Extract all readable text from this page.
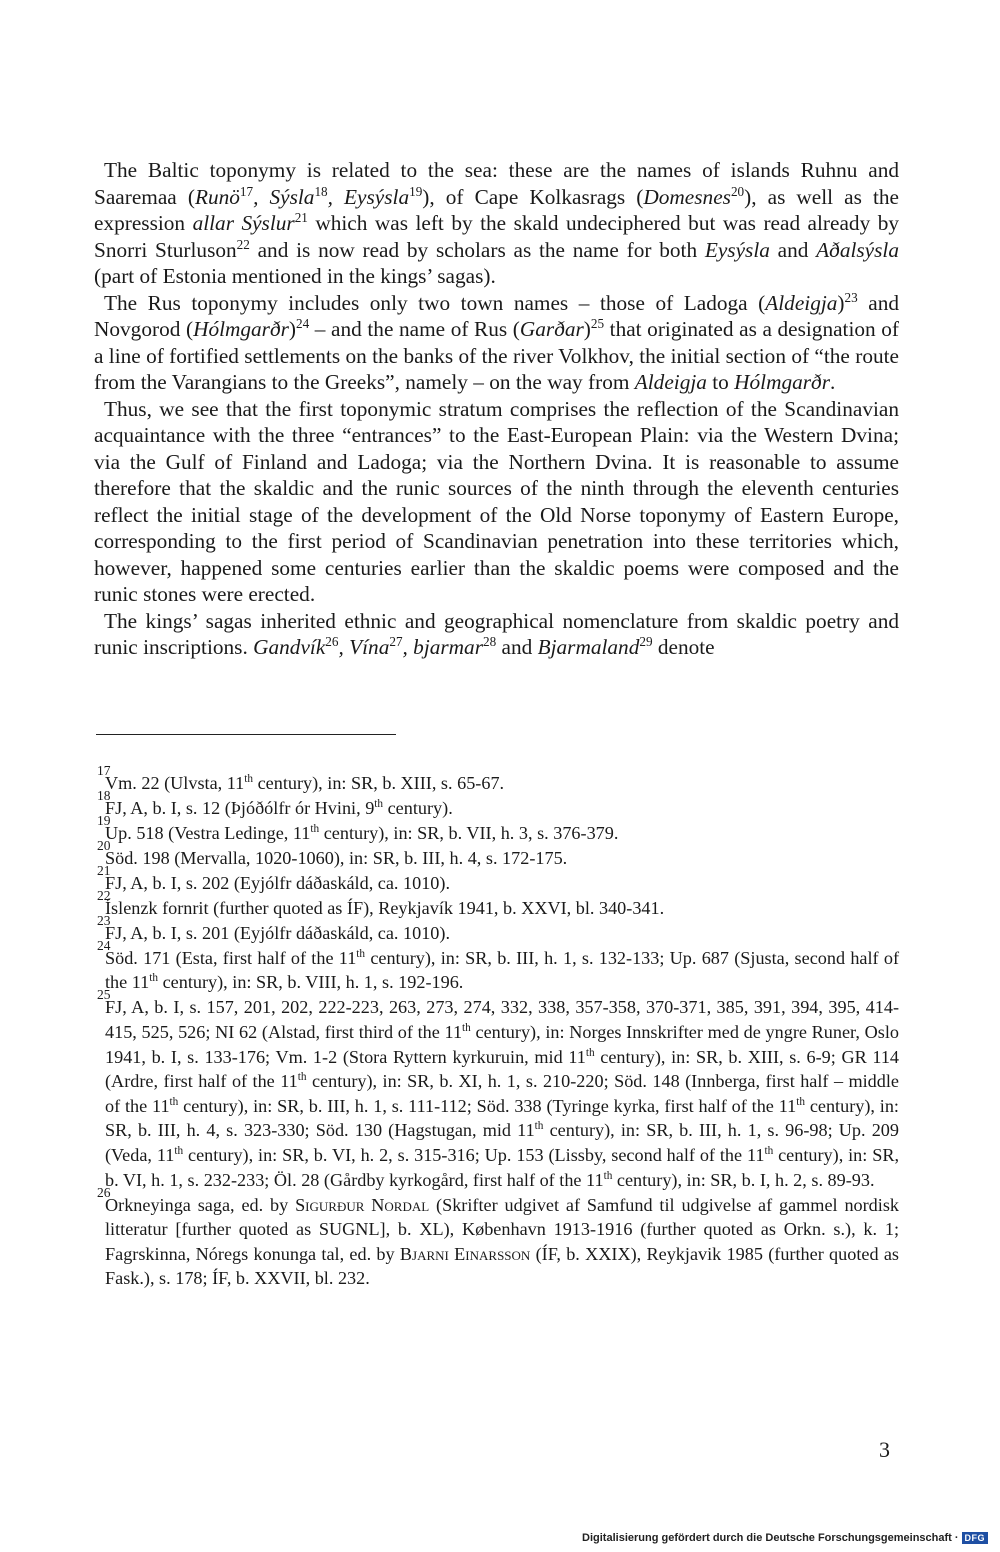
The Baltic toponymy is related to the sea: these are the names of islands Ruhnu and Saaremaa (Runö$^{17}$, Sýsla$^{18}$, Eysýsla$^{19}$), of Cape Kolkasrags (Domesnes$^{20}$), as well as the expression allar Sýslur$^{21}$ which was left by the skald undeciphered but was read already by Snorri Sturluson$^{22}$ and is now read by scholars as the name for both Eysýsla and Aðalsýsla (part of Estonia mentioned in the kings’ sagas).

The Rus toponymy includes only two town names – those of Ladoga (Aldeigja)$^{23}$ and Novgorod (Hólmgarðr)$^{24}$ – and the name of Rus (Garðar)$^{25}$ that originated as a designation of a line of fortified settlements on the banks of the river Volkhov, the initial section of “the route from the Varangians to the Greeks”, namely – on the way from Aldeigja to Hólmgarðr.

Thus, we see that the first toponymic stratum comprises the reflection of the Scandinavian acquaintance with the three “entrances” to the East-European Plain: via the Western Dvina; via the Gulf of Finland and Ladoga; via the Northern Dvina. It is reasonable to assume therefore that the skaldic and the runic sources of the ninth through the eleventh centuries reflect the initial stage of the development of the Old Norse toponymy of Eastern Europe, corresponding to the first period of Scandinavian penetration into these territories which, however, happened some centuries earlier than the skaldic poems were composed and the runic stones were erected.

The kings’ sagas inherited ethnic and geographical nomenclature from skaldic poetry and runic inscriptions. Gandvík$^{26}$, Vína$^{27}$, bjarmar$^{28}$ and Bjarmaland$^{29}$ denote

17
Vm. 22 (Ulvsta, 11th century), in: SR, b. XIII, s. 65-67.
18
FJ, A, b. I, s. 12 (Þjóðólfr ór Hvini, 9th century).
19
Up. 518 (Vestra Ledinge, 11th century), in: SR, b. VII, h. 3, s. 376-379.
20
Söd. 198 (Mervalla, 1020-1060), in: SR, b. III, h. 4, s. 172-175.
21
FJ, A, b. I, s. 202 (Eyjólfr dáðaskáld, ca. 1010).
22
Íslenzk fornrit (further quoted as ÍF), Reykjavík 1941, b. XXVI, bl. 340-341.
23
FJ, A, b. I, s. 201 (Eyjólfr dáðaskáld, ca. 1010).
24
Söd. 171 (Esta, first half of the 11th century), in: SR, b. III, h. 1, s. 132-133; Up. 687 (Sjusta, second half of the 11th century), in: SR, b. VIII, h. 1, s. 192-196.
25
FJ, A, b. I, s. 157, 201, 202, 222-223, 263, 273, 274, 332, 338, 357-358, 370-371, 385, 391, 394, 395, 414-415, 525, 526; NI 62 (Alstad, first third of the 11th century), in: Norges Innskrifter med de yngre Runer, Oslo 1941, b. I, s. 133-176; Vm. 1-2 (Stora Ryttern kyrkuruin, mid 11th century), in: SR, b. XIII, s. 6-9; GR 114 (Ardre, first half of the 11th century), in: SR, b. XI, h. 1, s. 210-220; Söd. 148 (Innberga, first half – middle of the 11th century), in: SR, b. III, h. 1, s. 111-112; Söd. 338 (Tyringe kyrka, first half of the 11th century), in: SR, b. III, h. 4, s. 323-330; Söd. 130 (Hagstugan, mid 11th century), in: SR, b. III, h. 1, s. 96-98; Up. 209 (Veda, 11th century), in: SR, b. VI, h. 2, s. 315-316; Up. 153 (Lissby, second half of the 11th century), in: SR, b. VI, h. 1, s. 232-233; Öl. 28 (Gårdby kyrkogård, first half of the 11th century), in: SR, b. I, h. 2, s. 89-93.
26
Orkneyinga saga, ed. by Sigurður Nordal (Skrifter udgivet af Samfund til udgivelse af gammel nordisk litteratur [further quoted as SUGNL], b. XL), København 1913-1916 (further quoted as Orkn. s.), k. 1; Fagrskinna, Nóregs konunga tal, ed. by Bjarni Einarsson (ÍF, b. XXIX), Reykjavik 1985 (further quoted as Fask.), s. 178; ÍF, b. XXVII, bl. 232.
3
Digitalisierung gefördert durch die Deutsche Forschungsgemeinschaft · DFG
